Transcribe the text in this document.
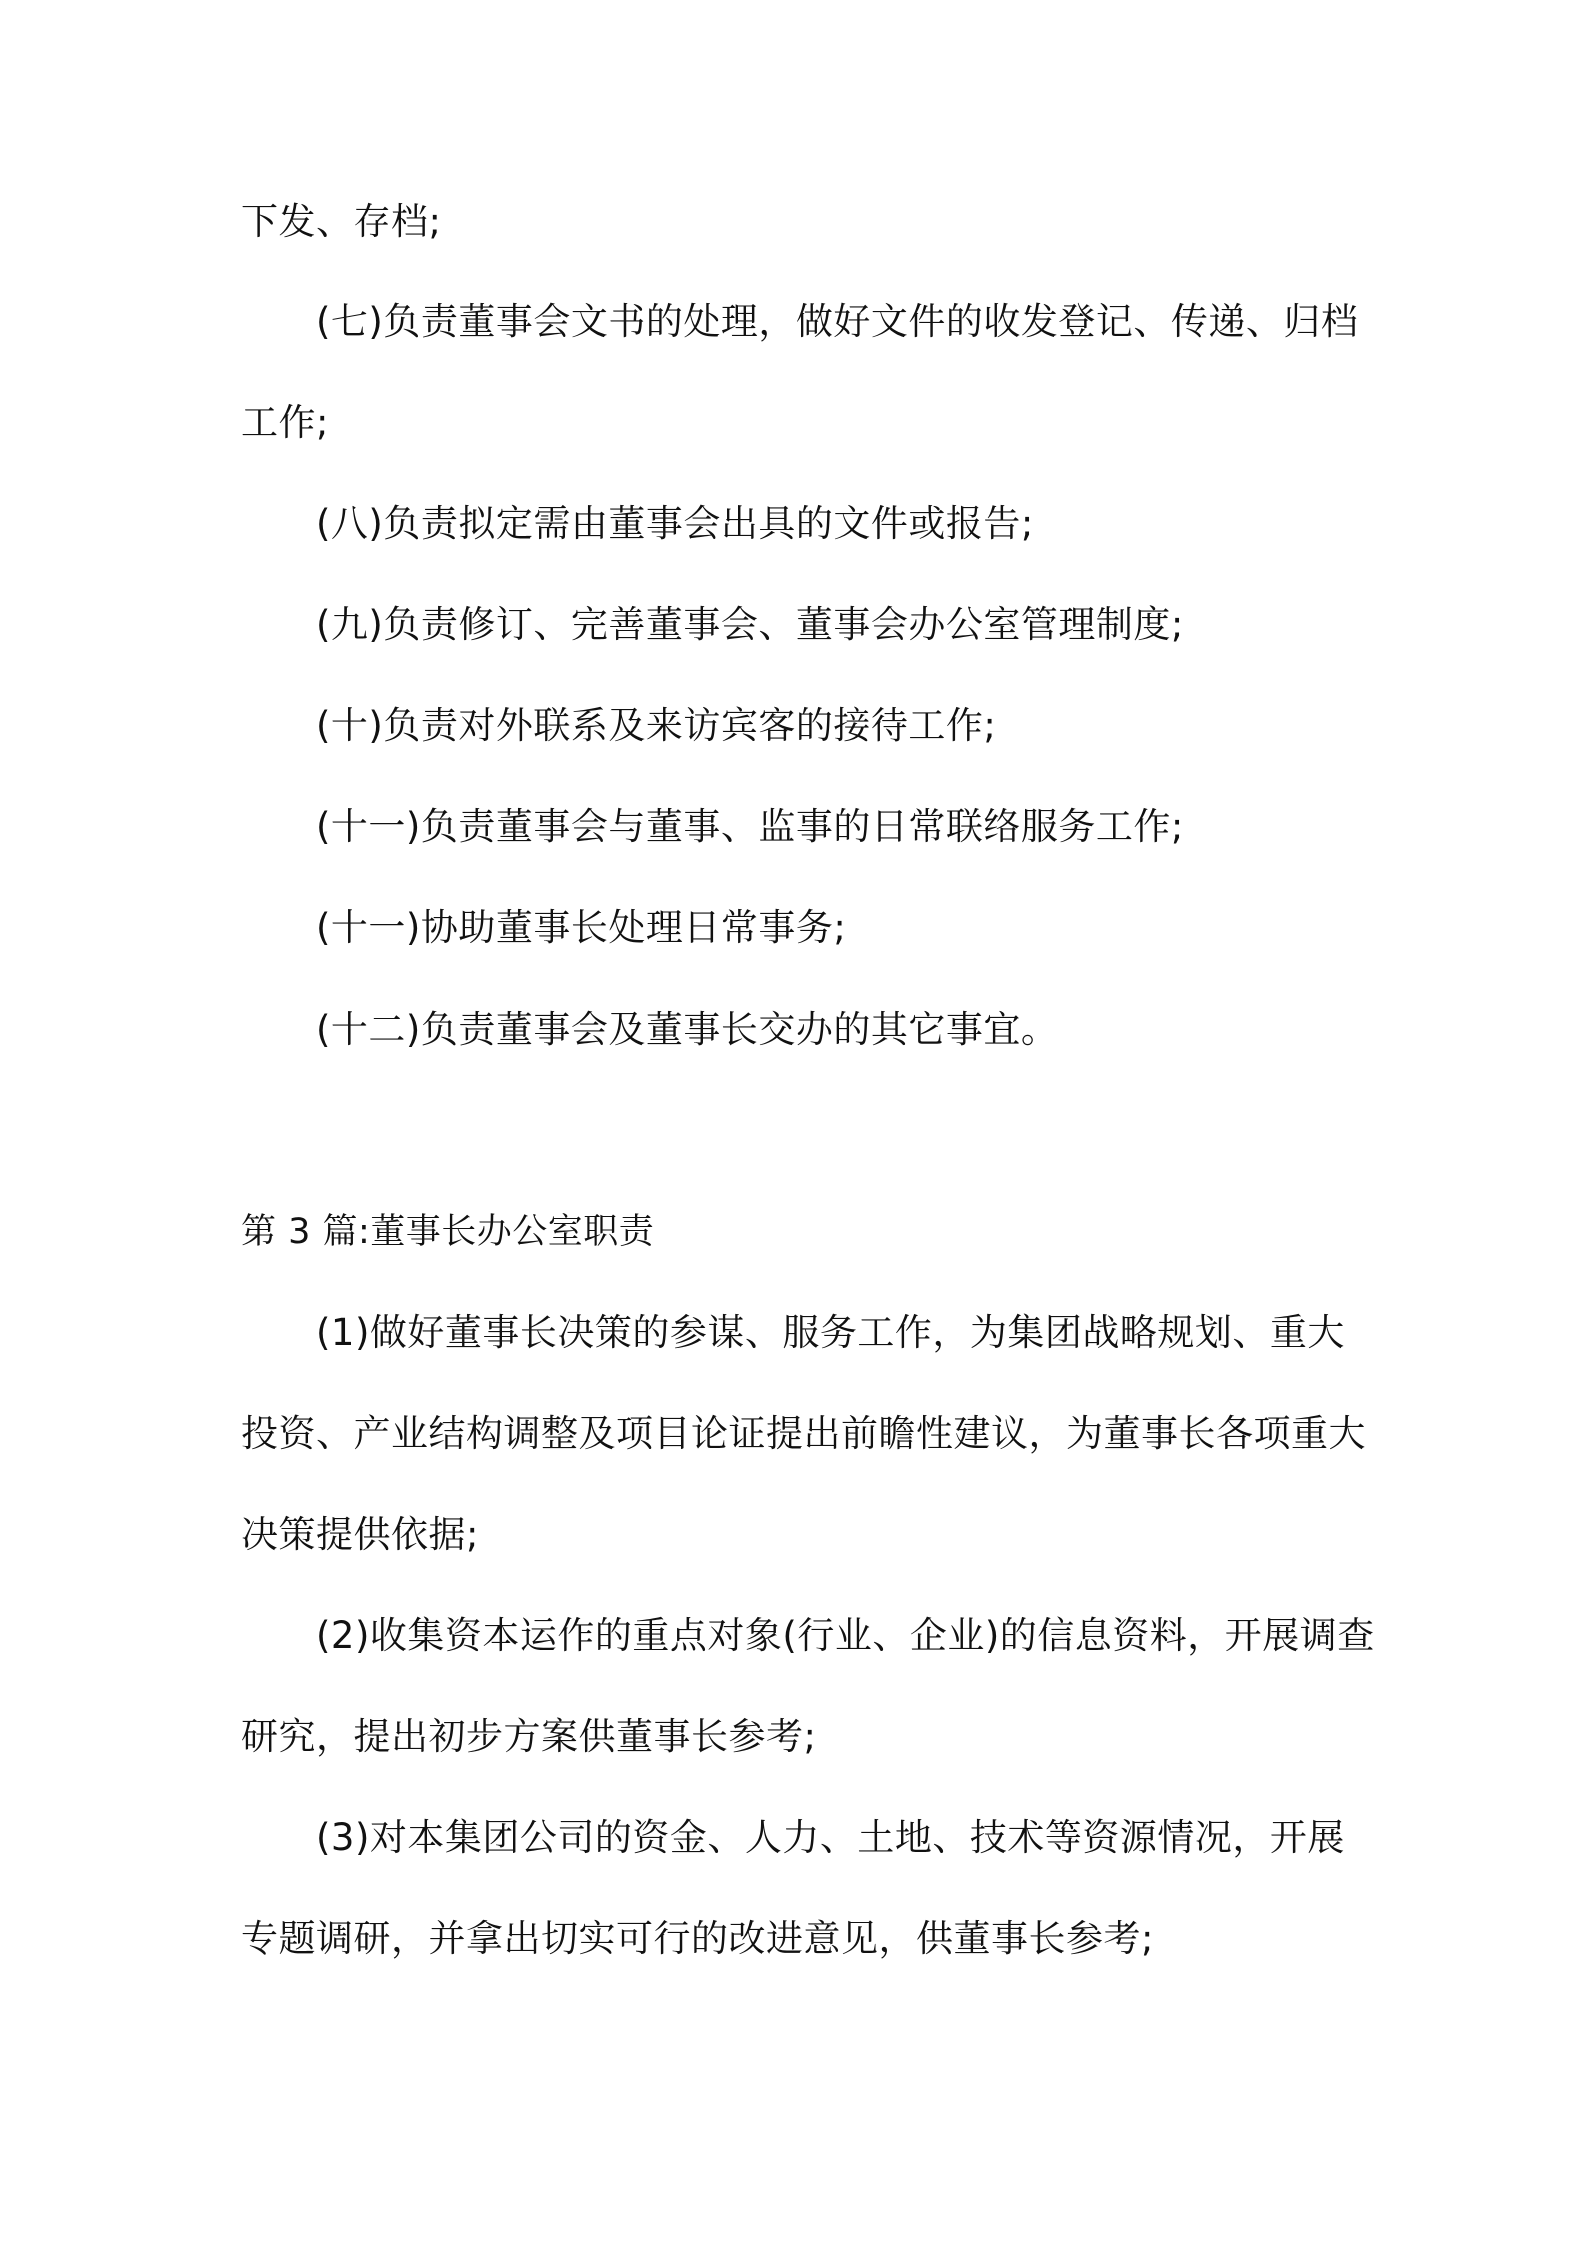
下发、存档;

(七)负责董事会文书的处理，做好文件的收发登记、传递、归档

工作;

(八)负责拟定需由董事会出具的文件或报告;

(九)负责修订、完善董事会、董事会办公室管理制度;

(十)负责对外联系及来访宾客的接待工作;

(十一)负责董事会与董事、监事的日常联络服务工作;

(十一)协助董事长处理日常事务;

(十二)负责董事会及董事长交办的其它事宜。

第 3 篇:董事长办公室职责

(1)做好董事长决策的参谋、服务工作，为集团战略规划、重大

投资、产业结构调整及项目论证提出前瞻性建议，为董事长各项重大

决策提供依据;

(2)收集资本运作的重点对象(行业、企业)的信息资料，开展调查

研究，提出初步方案供董事长参考;

(3)对本集团公司的资金、人力、土地、技术等资源情况，开展

专题调研，并拿出切实可行的改进意见，供董事长参考;
